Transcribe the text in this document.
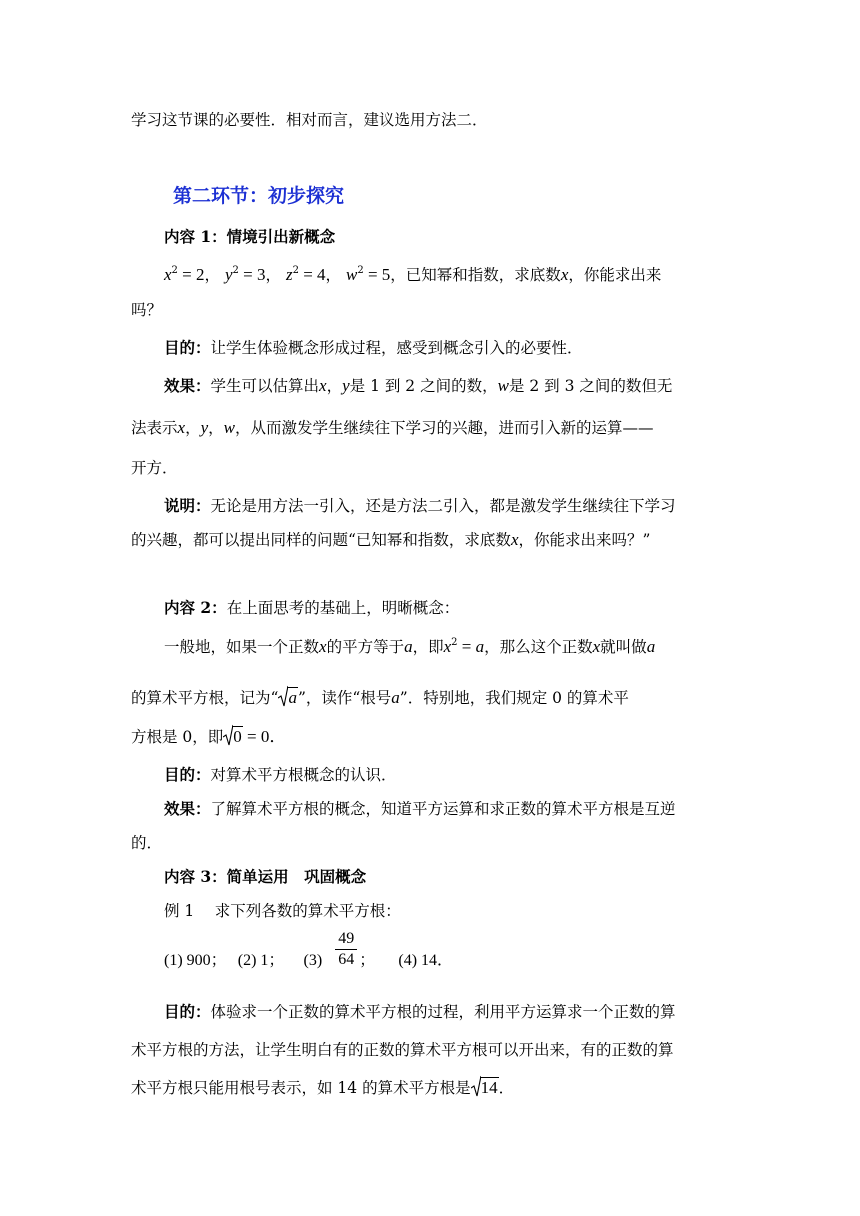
学习这节课的必要性．相对而言，建议选用方法二．
第二环节：初步探究
内容 1：情境引出新概念
$x^2 = 2$， $y^2 = 3$， $z^2 = 4$， $w^2 = 5$，已知幂和指数，求底数x，你能求出来
吗？
目的：让学生体验概念形成过程，感受到概念引入的必要性．
效果：学生可以估算出x，y是 1 到 2 之间的数，w是 2 到 3 之间的数但无
法表示x，y，w，从而激发学生继续往下学习的兴趣，进而引入新的运算——
开方．
说明：无论是用方法一引入，还是方法二引入，都是激发学生继续往下学习
的兴趣，都可以提出同样的问题“已知幂和指数，求底数x，你能求出来吗？”
内容 2：在上面思考的基础上，明晰概念：
一般地，如果一个正数x的平方等于a，即$x^2 = a$，那么这个正数x就叫做a
的算术平方根，记为“ a”，读作“根号a”．特别地，我们规定 0 的算术平
方根是 0，即 0 = 0．
目的：对算术平方根概念的认识．
效果：了解算术平方根的概念，知道平方运算和求正数的算术平方根是互逆
的．
内容 3：简单运用　巩固概念
例 1　 求下列各数的算术平方根：
(1) 900； (2) 1； $(3) \frac{49}{64}$ ； (4) 14．
目的：体验求一个正数的算术平方根的过程，利用平方运算求一个正数的算
术平方根的方法，让学生明白有的正数的算术平方根可以开出来，有的正数的算
术平方根只能用根号表示，如 14 的算术平方根是 14．
